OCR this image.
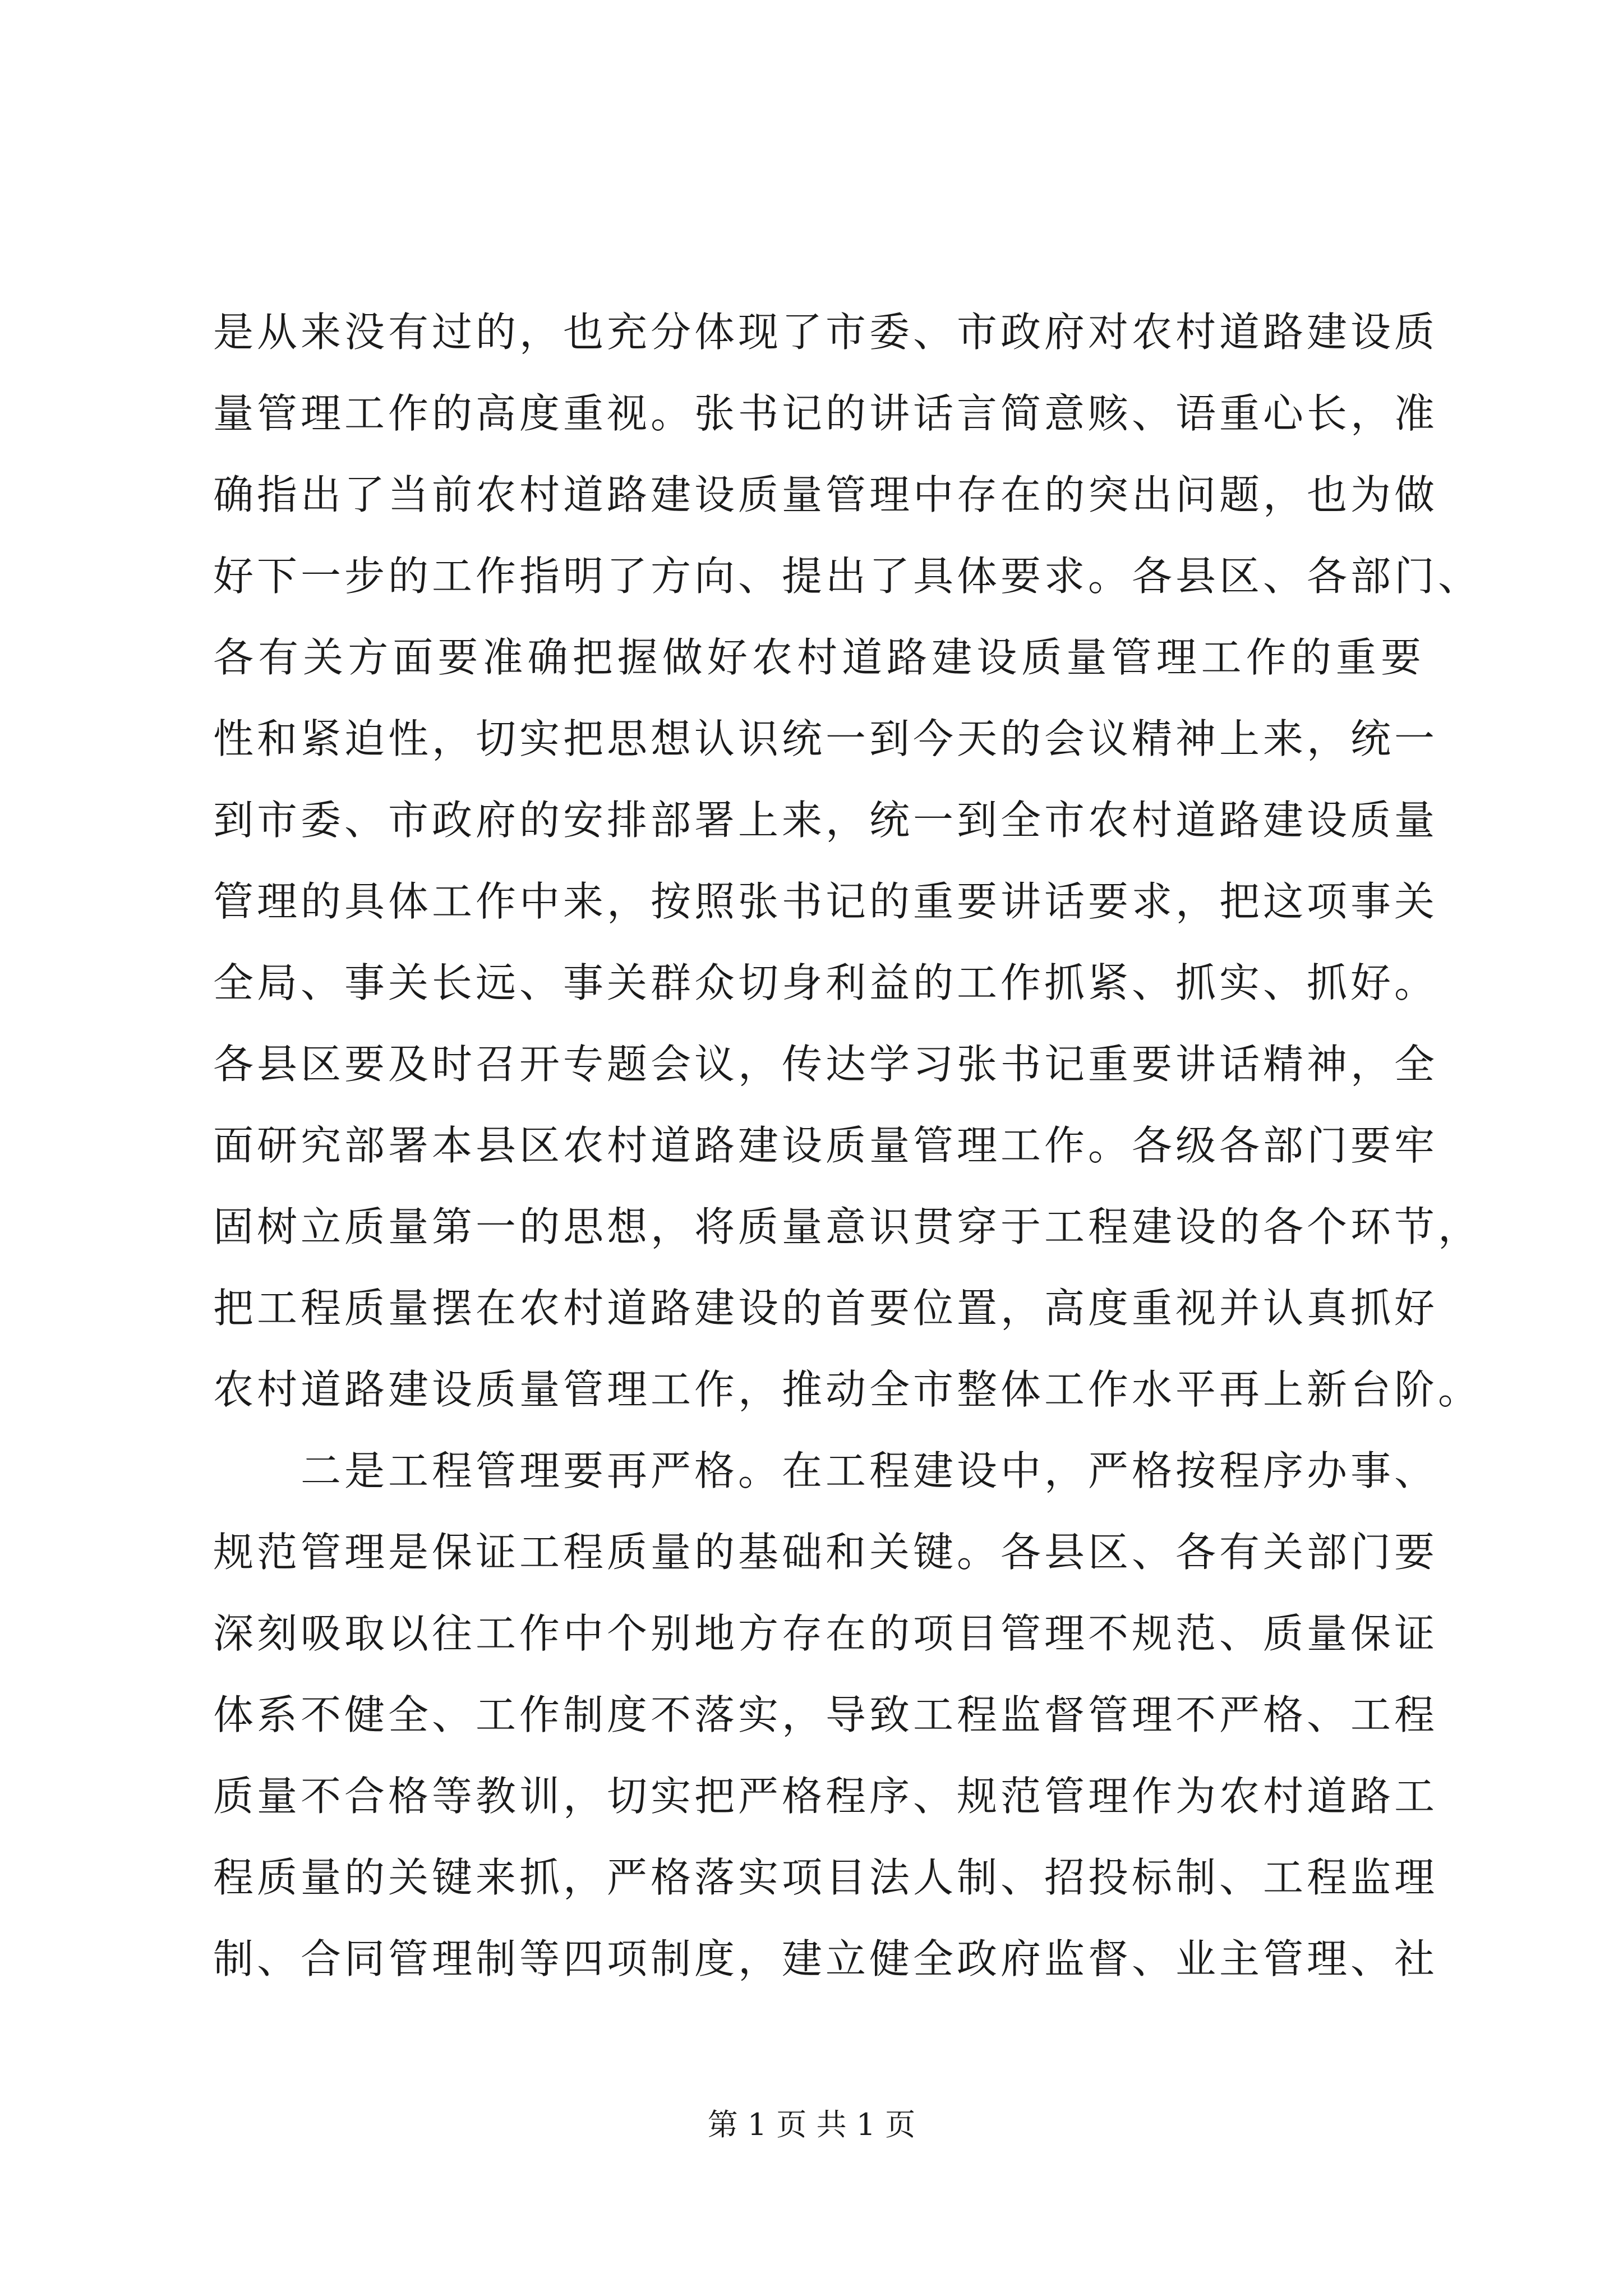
是从来没有过的，也充分体现了市委、市政府对农村道路建设质
量管理工作的高度重视。张书记的讲话言简意赅、语重心长，准
确指出了当前农村道路建设质量管理中存在的突出问题，也为做
好下一步的工作指明了方向、提出了具体要求。各县区、各部门、
各有关方面要准确把握做好农村道路建设质量管理工作的重要
性和紧迫性，切实把思想认识统一到今天的会议精神上来，统一
到市委、市政府的安排部署上来，统一到全市农村道路建设质量
管理的具体工作中来，按照张书记的重要讲话要求，把这项事关
全局、事关长远、事关群众切身利益的工作抓紧、抓实、抓好。
各县区要及时召开专题会议，传达学习张书记重要讲话精神，全
面研究部署本县区农村道路建设质量管理工作。各级各部门要牢
固树立质量第一的思想，将质量意识贯穿于工程建设的各个环节，
把工程质量摆在农村道路建设的首要位置，高度重视并认真抓好
农村道路建设质量管理工作，推动全市整体工作水平再上新台阶。
二是工程管理要再严格。在工程建设中，严格按程序办事、
规范管理是保证工程质量的基础和关键。各县区、各有关部门要
深刻吸取以往工作中个别地方存在的项目管理不规范、质量保证
体系不健全、工作制度不落实，导致工程监督管理不严格、工程
质量不合格等教训，切实把严格程序、规范管理作为农村道路工
程质量的关键来抓，严格落实项目法人制、招投标制、工程监理
制、合同管理制等四项制度，建立健全政府监督、业主管理、社
第 1 页 共 1 页
